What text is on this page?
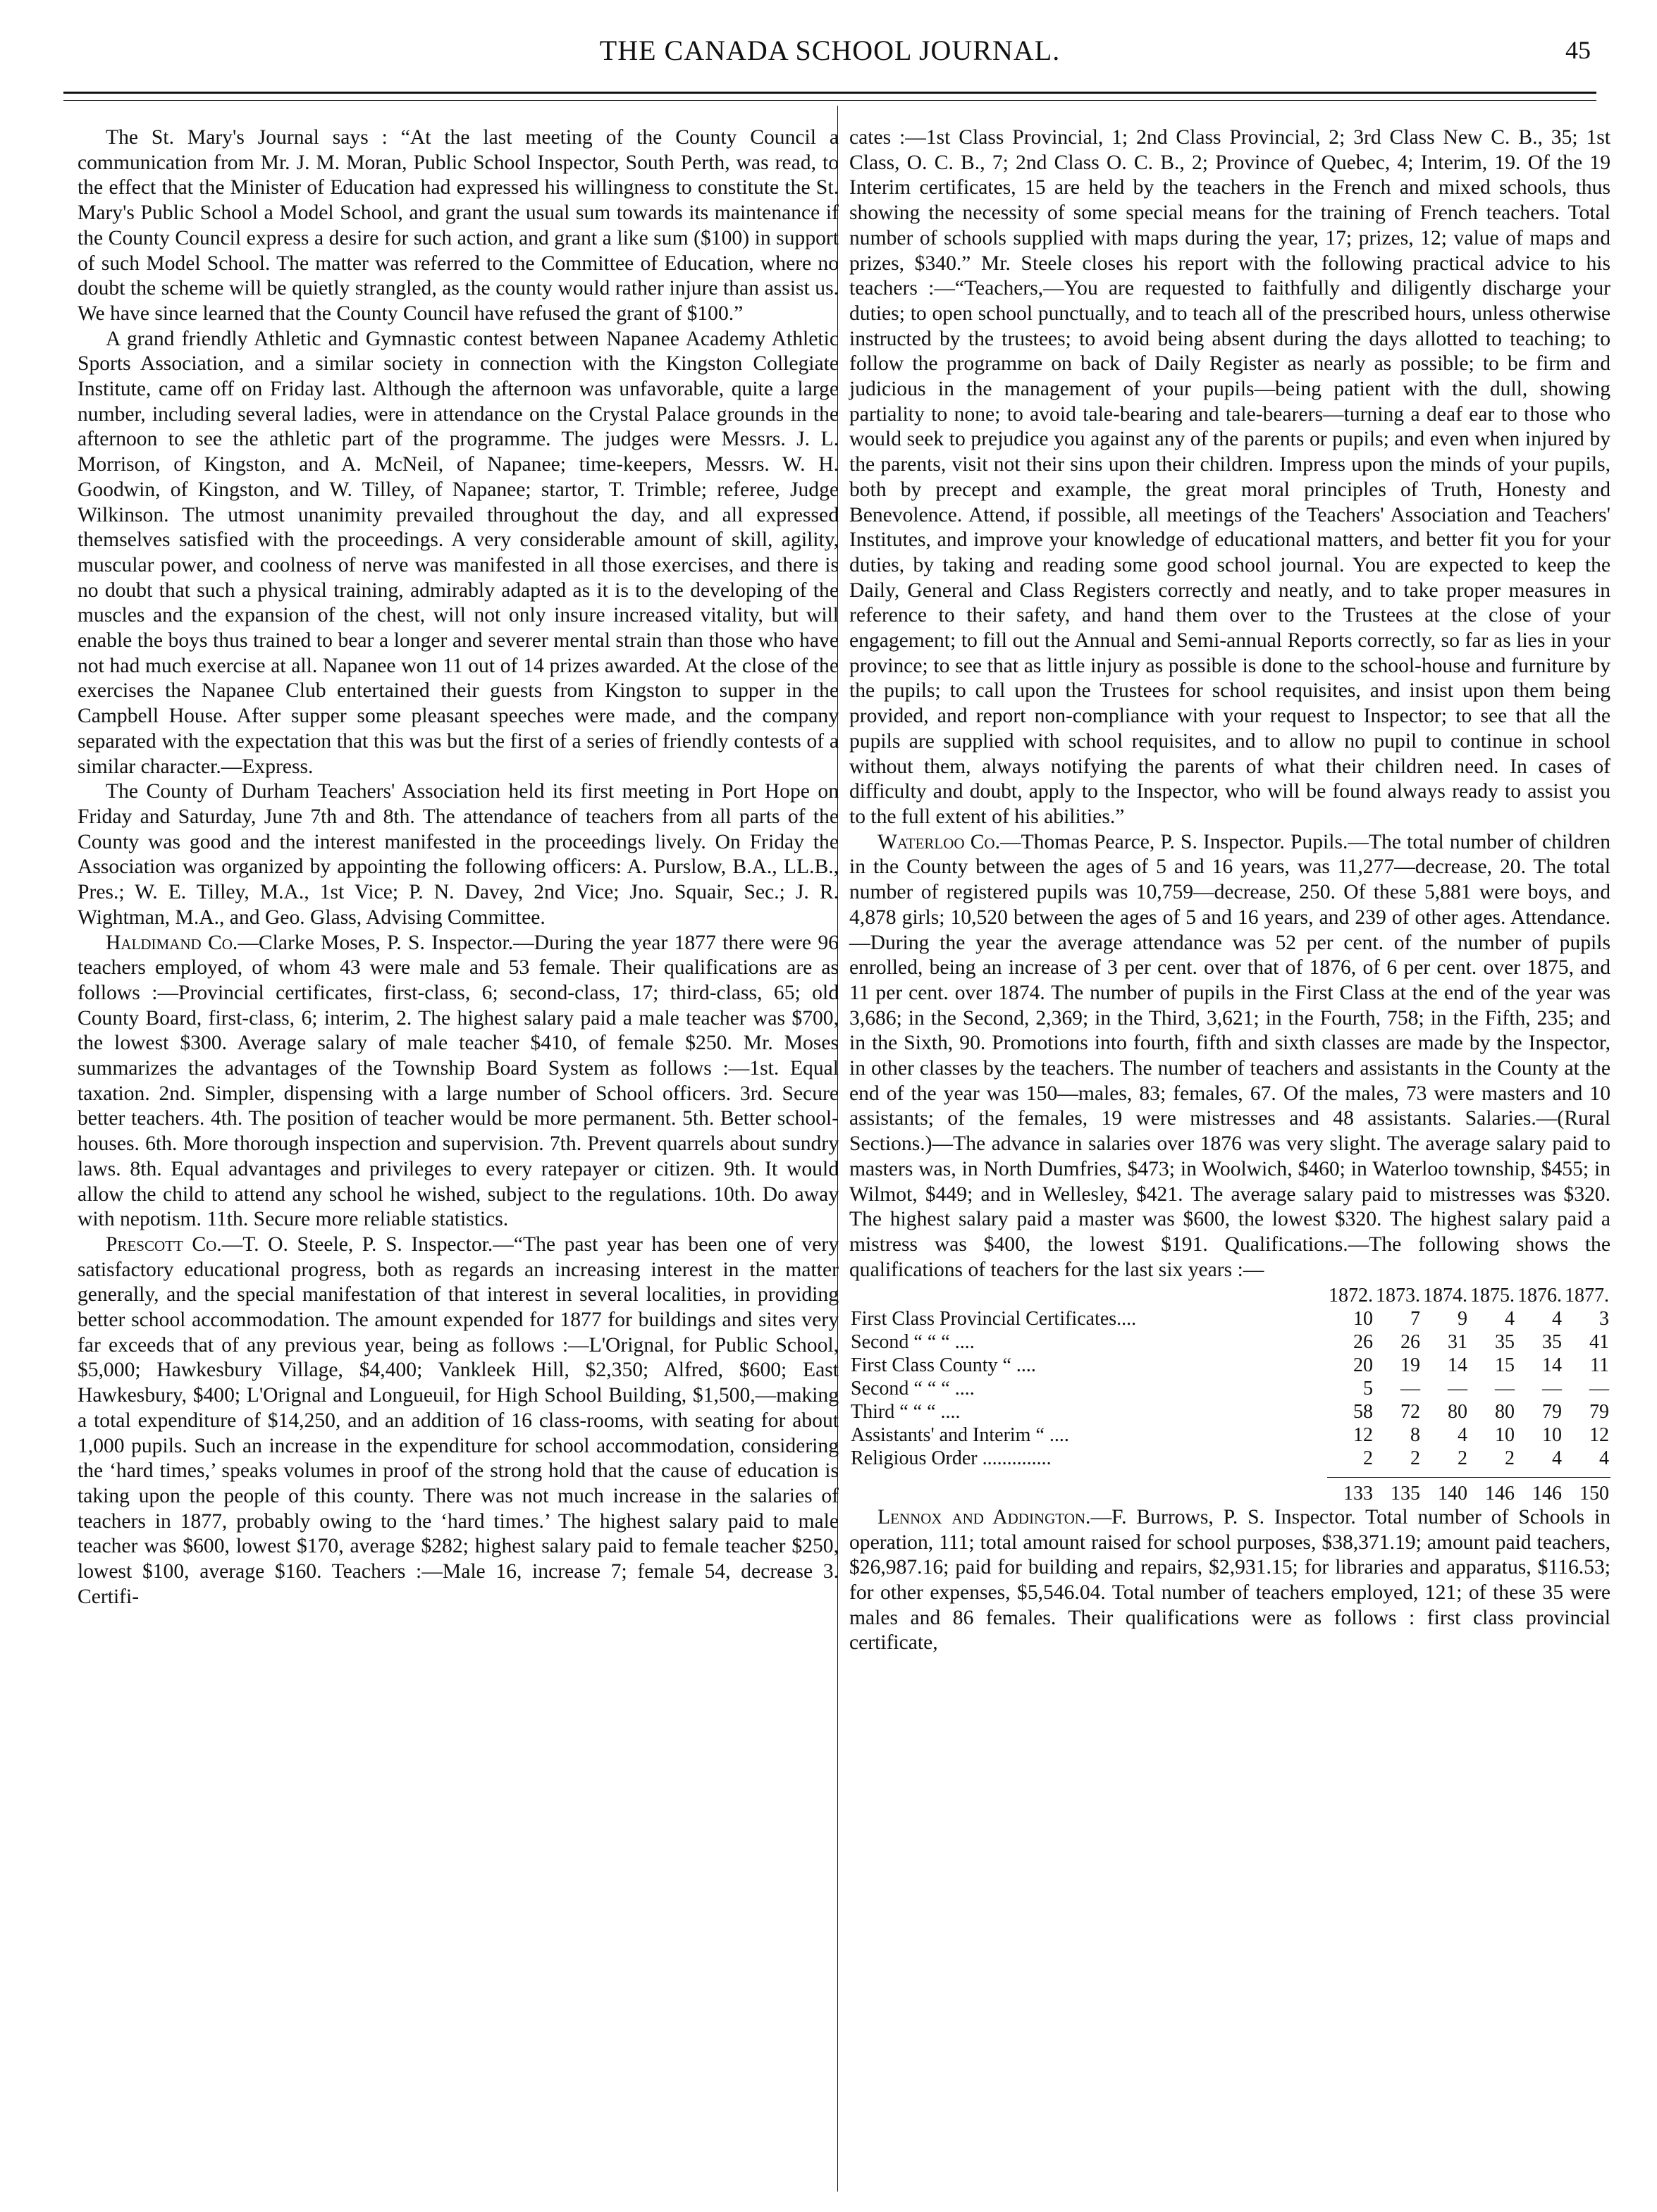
THE CANADA SCHOOL JOURNAL.	45

The St. Mary's Journal says : “At the last meeting of the County Council a communication from Mr. J. M. Moran, Public School Inspector, South Perth, was read, to the effect that the Minister of Education had expressed his willingness to constitute the St. Mary's Public School a Model School, and grant the usual sum towards its maintenance if the County Council express a desire for such action, and grant a like sum ($100) in support of such Model School. The matter was referred to the Committee of Education, where no doubt the scheme will be quietly strangled, as the county would rather injure than assist us. We have since learned that the County Council have refused the grant of $100.”

A grand friendly Athletic and Gymnastic contest between Napanee Academy Athletic Sports Association, and a similar society in connection with the Kingston Collegiate Institute, came off on Friday last. Although the afternoon was unfavorable, quite a large number, including several ladies, were in attendance on the Crystal Palace grounds in the afternoon to see the athletic part of the programme. The judges were Messrs. J. L. Morrison, of Kingston, and A. McNeil, of Napanee; time-keepers, Messrs. W. H. Goodwin, of Kingston, and W. Tilley, of Napanee; startor, T. Trimble; referee, Judge Wilkinson. The utmost unanimity prevailed throughout the day, and all expressed themselves satisfied with the proceedings. A very considerable amount of skill, agility, muscular power, and coolness of nerve was manifested in all those exercises, and there is no doubt that such a physical training, admirably adapted as it is to the developing of the muscles and the expansion of the chest, will not only insure increased vitality, but will enable the boys thus trained to bear a longer and severer mental strain than those who have not had much exercise at all. Napanee won 11 out of 14 prizes awarded. At the close of the exercises the Napanee Club entertained their guests from Kingston to supper in the Campbell House. After supper some pleasant speeches were made, and the company separated with the expectation that this was but the first of a series of friendly contests of a similar character.—Express.

The County of Durham Teachers' Association held its first meeting in Port Hope on Friday and Saturday, June 7th and 8th. The attendance of teachers from all parts of the County was good and the interest manifested in the proceedings lively. On Friday the Association was organized by appointing the following officers: A. Purslow, B.A., LL.B., Pres.; W. E. Tilley, M.A., 1st Vice; P. N. Davey, 2nd Vice; Jno. Squair, Sec.; J. R. Wightman, M.A., and Geo. Glass, Advising Committee.

Haldimand Co.—Clarke Moses, P. S. Inspector.—During the year 1877 there were 96 teachers employed, of whom 43 were male and 53 female. Their qualifications are as follows :—Provincial certificates, first-class, 6; second-class, 17; third-class, 65; old County Board, first-class, 6; interim, 2. The highest salary paid a male teacher was $700, the lowest $300. Average salary of male teacher $410, of female $250. Mr. Moses summarizes the advantages of the Township Board System as follows :—1st. Equal taxation. 2nd. Simpler, dispensing with a large number of School officers. 3rd. Secure better teachers. 4th. The position of teacher would be more permanent. 5th. Better school-houses. 6th. More thorough inspection and supervision. 7th. Prevent quarrels about sundry laws. 8th. Equal advantages and privileges to every ratepayer or citizen. 9th. It would allow the child to attend any school he wished, subject to the regulations. 10th. Do away with nepotism. 11th. Secure more reliable statistics.

Prescott Co.—T. O. Steele, P. S. Inspector.—“The past year has been one of very satisfactory educational progress, both as regards an increasing interest in the matter generally, and the special manifestation of that interest in several localities, in providing better school accommodation. The amount expended for 1877 for buildings and sites very far exceeds that of any previous year, being as follows :—L'Orignal, for Public School, $5,000; Hawkesbury Village, $4,400; Vankleek Hill, $2,350; Alfred, $600; East Hawkesbury, $400; L'Orignal and Longueuil, for High School Building, $1,500,—making a total expenditure of $14,250, and an addition of 16 class-rooms, with seating for about 1,000 pupils. Such an increase in the expenditure for school accommodation, considering the ‘hard times,’ speaks volumes in proof of the strong hold that the cause of education is taking upon the people of this county. There was not much increase in the salaries of teachers in 1877, probably owing to the ‘hard times.’ The highest salary paid to male teacher was $600, lowest $170, average $282; highest salary paid to female teacher $250, lowest $100, average $160. Teachers :—Male 16, increase 7; female 54, decrease 3. Certifi-

cates :—1st Class Provincial, 1; 2nd Class Provincial, 2; 3rd Class New C. B., 35; 1st Class, O. C. B., 7; 2nd Class O. C. B., 2; Province of Quebec, 4; Interim, 19. Of the 19 Interim certificates, 15 are held by the teachers in the French and mixed schools, thus showing the necessity of some special means for the training of French teachers. Total number of schools supplied with maps during the year, 17; prizes, 12; value of maps and prizes, $340.” Mr. Steele closes his report with the following practical advice to his teachers :—“Teachers,—You are requested to faithfully and diligently discharge your duties; to open school punctually, and to teach all of the prescribed hours, unless otherwise instructed by the trustees; to avoid being absent during the days allotted to teaching; to follow the programme on back of Daily Register as nearly as possible; to be firm and judicious in the management of your pupils—being patient with the dull, showing partiality to none; to avoid tale-bearing and tale-bearers—turning a deaf ear to those who would seek to prejudice you against any of the parents or pupils; and even when injured by the parents, visit not their sins upon their children. Impress upon the minds of your pupils, both by precept and example, the great moral principles of Truth, Honesty and Benevolence. Attend, if possible, all meetings of the Teachers' Association and Teachers' Institutes, and improve your knowledge of educational matters, and better fit you for your duties, by taking and reading some good school journal. You are expected to keep the Daily, General and Class Registers correctly and neatly, and to take proper measures in reference to their safety, and hand them over to the Trustees at the close of your engagement; to fill out the Annual and Semi-annual Reports correctly, so far as lies in your province; to see that as little injury as possible is done to the school-house and furniture by the pupils; to call upon the Trustees for school requisites, and insist upon them being provided, and report non-compliance with your request to Inspector; to see that all the pupils are supplied with school requisites, and to allow no pupil to continue in school without them, always notifying the parents of what their children need. In cases of difficulty and doubt, apply to the Inspector, who will be found always ready to assist you to the full extent of his abilities.”

Waterloo Co.—Thomas Pearce, P. S. Inspector. Pupils.—The total number of children in the County between the ages of 5 and 16 years, was 11,277—decrease, 20. The total number of registered pupils was 10,759—decrease, 250. Of these 5,881 were boys, and 4,878 girls; 10,520 between the ages of 5 and 16 years, and 239 of other ages. Attendance.—During the year the average attendance was 52 per cent. of the number of pupils enrolled, being an increase of 3 per cent. over that of 1876, of 6 per cent. over 1875, and 11 per cent. over 1874. The number of pupils in the First Class at the end of the year was 3,686; in the Second, 2,369; in the Third, 3,621; in the Fourth, 758; in the Fifth, 235; and in the Sixth, 90. Promotions into fourth, fifth and sixth classes are made by the Inspector, in other classes by the teachers. The number of teachers and assistants in the County at the end of the year was 150—males, 83; females, 67. Of the males, 73 were masters and 10 assistants; of the females, 19 were mistresses and 48 assistants. Salaries.—(Rural Sections.)—The advance in salaries over 1876 was very slight. The average salary paid to masters was, in North Dumfries, $473; in Woolwich, $460; in Waterloo township, $455; in Wilmot, $449; and in Wellesley, $421. The average salary paid to mistresses was $320. The highest salary paid a master was $600, the lowest $320. The highest salary paid a mistress was $400, the lowest $191. Qualifications.—The following shows the qualifications of teachers for the last six years :—

	1872.	1873.	1874.	1875.	1876.	1877.
First Class Provincial Certificates....	10	7	9	4	4	3
Second “ “ “ ....	26	26	31	35	35	41
First Class County “ ....	20	19	14	15	14	11
Second “ “ “ ....	5	—	—	—	—	—
Third “ “ “ ....	58	72	80	80	79	79
Assistants' and Interim “ ....	12	8	4	10	10	12
Religious Order ..............	2	2	2	2	4	4

	133	135	140	146	146	150

Lennox and Addington.—F. Burrows, P. S. Inspector. Total number of Schools in operation, 111; total amount raised for school purposes, $38,371.19; amount paid teachers, $26,987.16; paid for building and repairs, $2,931.15; for libraries and apparatus, $116.53; for other expenses, $5,546.04. Total number of teachers employed, 121; of these 35 were males and 86 females. Their qualifications were as follows : first class provincial certificate,
